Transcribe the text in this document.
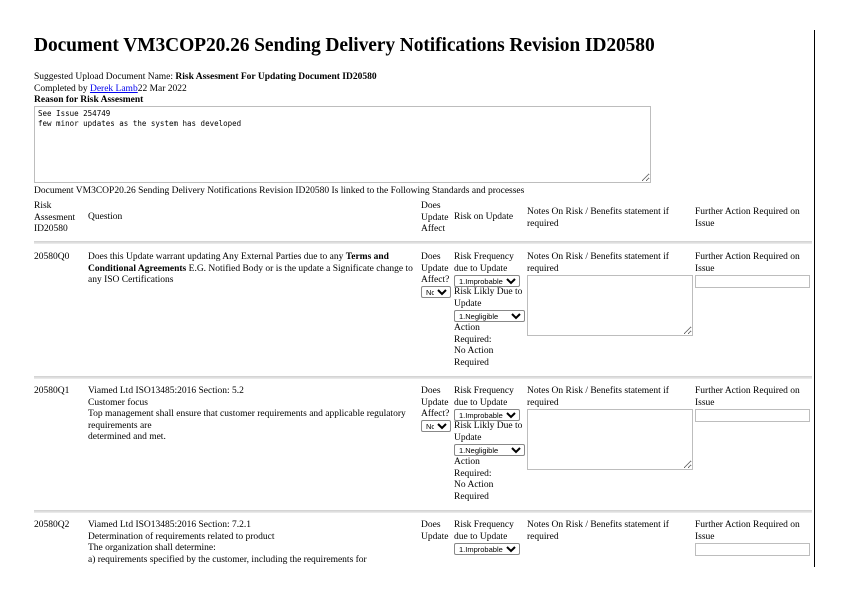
Document VM3COP20.26 Sending Delivery Notifications Revision ID20580
Suggested Upload Document Name: Risk Assesment For Updating Document ID20580
Completed by Derek Lamb22 Mar 2022
Reason for Risk Assesment
See Issue 254749 few minor updates as the system has developed
Document VM3COP20.26 Sending Delivery Notifications Revision ID20580 Is linked to the Following Standards and processes
Risk Assesment ID20580
Question
Does Update Affect
Risk on Update Notes On Risk / Benefits statement if required
Further Action Required on Issue
20580Q0 Does this Update warrant updating Any External Parties due to any Terms and Conditional Agreements E.G. Notified Body or is the update a Significate change to any ISO Certifications
Does Update Affect?
No
Risk Frequency due to Update
1.Improbable
Risk Likly Due to Update
1.Negligible
Action Required:
No Action Required
Notes On Risk / Benefits statement if required
Further Action Required on Issue
20580Q1 Viamed Ltd ISO13485:2016 Section: 5.2
Customer focus
Top management shall ensure that customer requirements and applicable regulatory requirements are
determined and met.
Does Update Affect?
No
Risk Frequency due to Update
1.Improbable
Risk Likly Due to Update
1.Negligible
Action Required:
No Action Required
Notes On Risk / Benefits statement if required
Further Action Required on Issue
20580Q2 Viamed Ltd ISO13485:2016 Section: 7.2.1
Determination of requirements related to product
The organization shall determine:
a) requirements specified by the customer, including the requirements for
Does Update
Risk Frequency due to Update
1.Improbable
Notes On Risk / Benefits statement if required
Further Action Required on Issue
